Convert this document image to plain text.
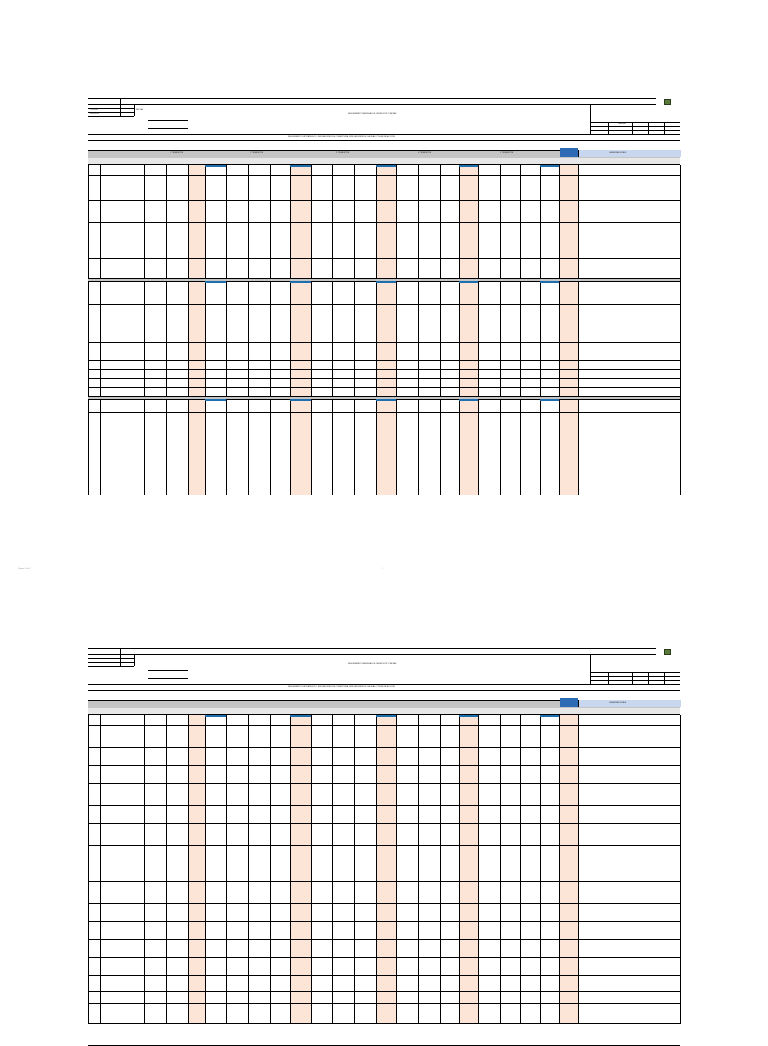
SEGUIMIENTO MENSUAL DE OBJETIVOS Y METAS
SEGUIMIENTO ESTRATEGICO, INDICADORES DE COBERTURA, INDICADORES DE CALIDAD Y PLAN DE ACCION
CODIGO
VERSION
FECHA
PAGINA
OBSERVACIONES
1 TRIMESTRE	2 TRIMESTRE	3 TRIMESTRE	4 TRIMESTRE	5 TRIMESTRE
Pagina 1 de 2	1
SEGUIMIENTO MENSUAL DE OBJETIVOS Y METAS
SEGUIMIENTO ESTRATEGICO, INDICADORES DE COBERTURA, INDICADORES DE CALIDAD Y PLAN DE ACCION
OBSERVACIONES
